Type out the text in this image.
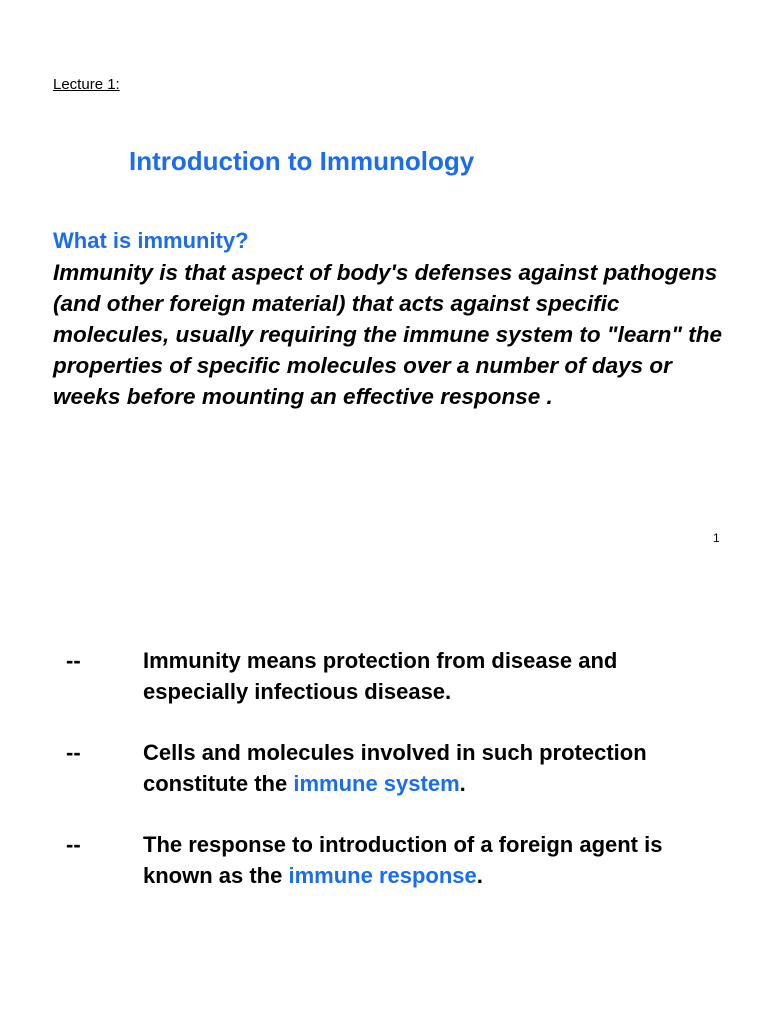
Lecture 1:
Introduction to Immunology
What is immunity?

Immunity is that aspect of body's defenses against pathogens (and other foreign material) that acts against specific molecules, usually requiring the immune system to "learn" the properties of specific molecules over a number of days or weeks before mounting an effective response .

1
--	Immunity means protection from disease and especially infectious disease.
--	Cells and molecules involved in such protection constitute the immune system.
--	The response to introduction of a foreign agent is known as the immune response.
